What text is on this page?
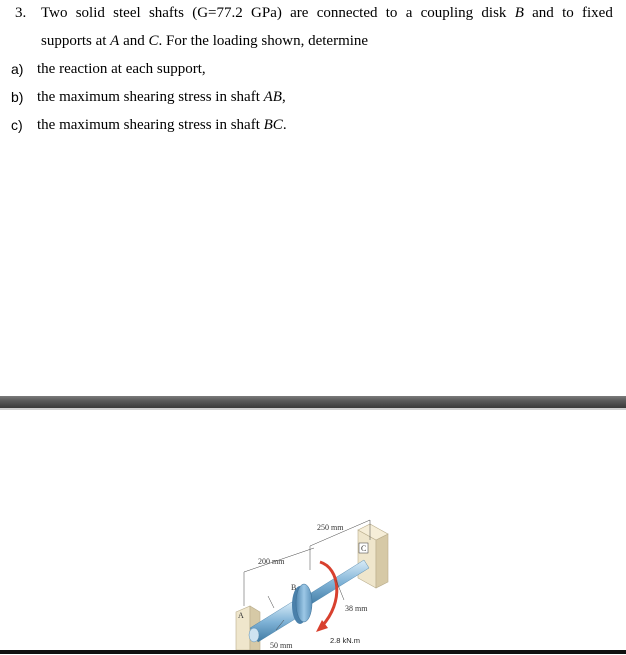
3. Two solid steel shafts (G=77.2 GPa) are connected to a coupling disk B and to fixed
supports at A and C. For the loading shown, determine
a) the reaction at each support,
b) the maximum shearing stress in shaft AB,
c) the maximum shearing stress in shaft BC.
250 mm
200 mm
38 mm
50 mm
2.8 kN.m
A
B
C
